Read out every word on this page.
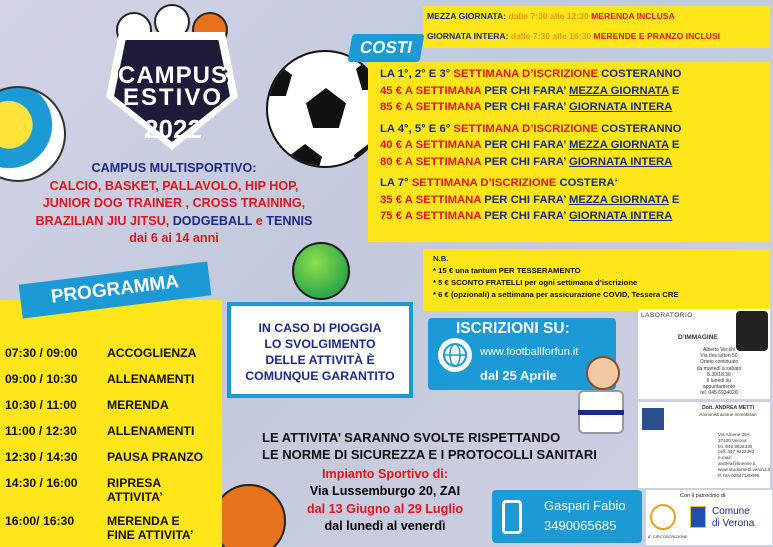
CAMPUS
ESTIVO
2022
MEZZA GIORNATA: dalle 7:30 alle 12:30 MERENDA INCLUSA
GIORNATA INTERA: dalle 7:30 alle 16:30 MERENDE E PRANZO INCLUSI

LA 1°, 2° E 3° SETTIMANA D’ISCRIZIONE COSTERANNO

45 € A SETTIMANA PER CHI FARA’ MEZZA GIORNATA E

85 € A SETTIMANA PER CHI FARA’ GIORNATA INTERA

LA 4°, 5° E 6° SETTIMANA D’ISCRIZIONE COSTERANNO

40 € A SETTIMANA PER CHI FARA’ MEZZA GIORNATA E

80 € A SETTIMANA PER CHI FARA’ GIORNATA INTERA

LA 7° SETTIMANA D’ISCRIZIONE COSTERA‘

35 € A SETTIMANA PER CHI FARA’ MEZZA GIORNATA E

75 € A SETTIMANA PER CHI FARA’ GIORNATA INTERA

COSTI
CAMPUS MULTISPORTIVO:
CALCIO, BASKET, PALLAVOLO, HIP HOP,
JUNIOR DOG TRAINER , CROSS TRAINING,
BRAZILIAN JIU JITSU, DODGEBALL e TENNIS
dai 6 ai 14 anni
07:30 / 09:00 ACCOGLIENZA
09:00 / 10:30 ALLENAMENTI
10:30 / 11:00 MERENDA
11:00 / 12:30 ALLENAMENTI
12:30 / 14:30 PAUSA PRANZO
14:30 / 16:00 RIPRESA
ATTIVITA’
16:00/ 16:30	MERENDA E
FINE ATTIVITA’
PROGRAMMA
IN CASO DI PIOGGIA
LO SVOLGIMENTO
DELLE ATTIVITÀ È
COMUNQUE GARANTITO
N.B.
* 15 € una tantum PER TESSERAMENTO
* 5 € SCONTO FRATELLI per ogni settimana d’iscrizione
* 6 € (opzionali) a settimana per assicurazione COVID, Tessera CRE
ISCRIZIONI SU:
www.footballforfun.it
dal 25 Aprile
LABORATORIO
D’IMMAGINE
Alberto Vecchi
Via dos lutton 50
Orario continuato
da martedì a sabato 8.30/18.30
Il lunedì su appuntamento
tel. 045.6934020
Dott. ANDREA METTI
Amministrazione immobiliari
Via Amene 30A
37100 Verona
tel. 045 8622330
cell. 347 9222383
e-mail: andrea@lineone.it
www.studiometti.verona.it
P. IVA 02847140095
LE ATTIVITA’ SARANNO SVOLTE RISPETTANDO
LE NORME DI SICUREZZA E I PROTOCOLLI SANITARI
Impianto Sportivo di:
Via Lussemburgo 20, ZAI
dal 13 Giugno al 29 Luglio
dal lunedì al venerdì
Gaspari Fabio
3490065685
Con il patrocinio di
8° CIRCOSCRIZIONE
Comune
di Verona
